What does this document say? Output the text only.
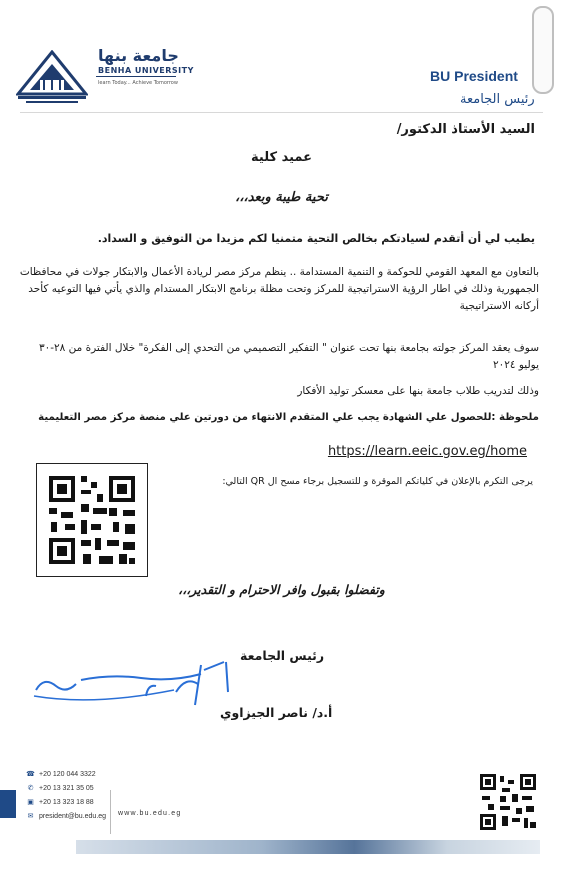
جامعة بنها
BENHA UNIVERSITY
learn Today... Achieve Tomorrow	BU President
رئيس الجامعة
السيد الأستاذ الدكتور/
عميد كلية
تحية طيبة وبعد،،،
يطيب لي أن أتقدم لسيادتكم بخالص التحية متمنيا لكم مزيدا من التوفيق و السداد.
بالتعاون مع المعهد القومي للحوكمة و التنمية المستدامة .. ينظم مركز مصر لريادة الأعمال والابتكار جولات في محافظات الجمهورية وذلك في اطار الرؤية الاستراتيجية للمركز وتحت مظلة برنامج الابتكار المستدام والذي يأتي فيها التوعيه كأحد أركانه الاستراتيجية
سوف يعقد المركز جولته بجامعة بنها تحت عنوان " التفكير التصميمي من التحدي إلى الفكرة" خلال الفترة من ٢٨-٣٠ يوليو ٢٠٢٤
وذلك لتدريب طلاب جامعة بنها على معسكر توليد الأفكار
ملحوظة :للحصول علي الشهادة يجب علي المتقدم الانتهاء من دورتين علي منصة مركز مصر التعليمية
https://learn.eeic.gov.eg/home
يرجى التكرم بالإعلان في كلياتكم الموقرة و للتسجيل برجاء مسح ال QR التالي:
وتفضلوا بقبول وافر الاحترام و التقدير،،،
رئيس الجامعة
أ.د/ ناصر الجيزاوي
☎ +20 120 044 3322
✆ +20 13 321 35 05
▣ +20 13 323 18 88
✉ president@bu.edu.eg www.bu.edu.eg
